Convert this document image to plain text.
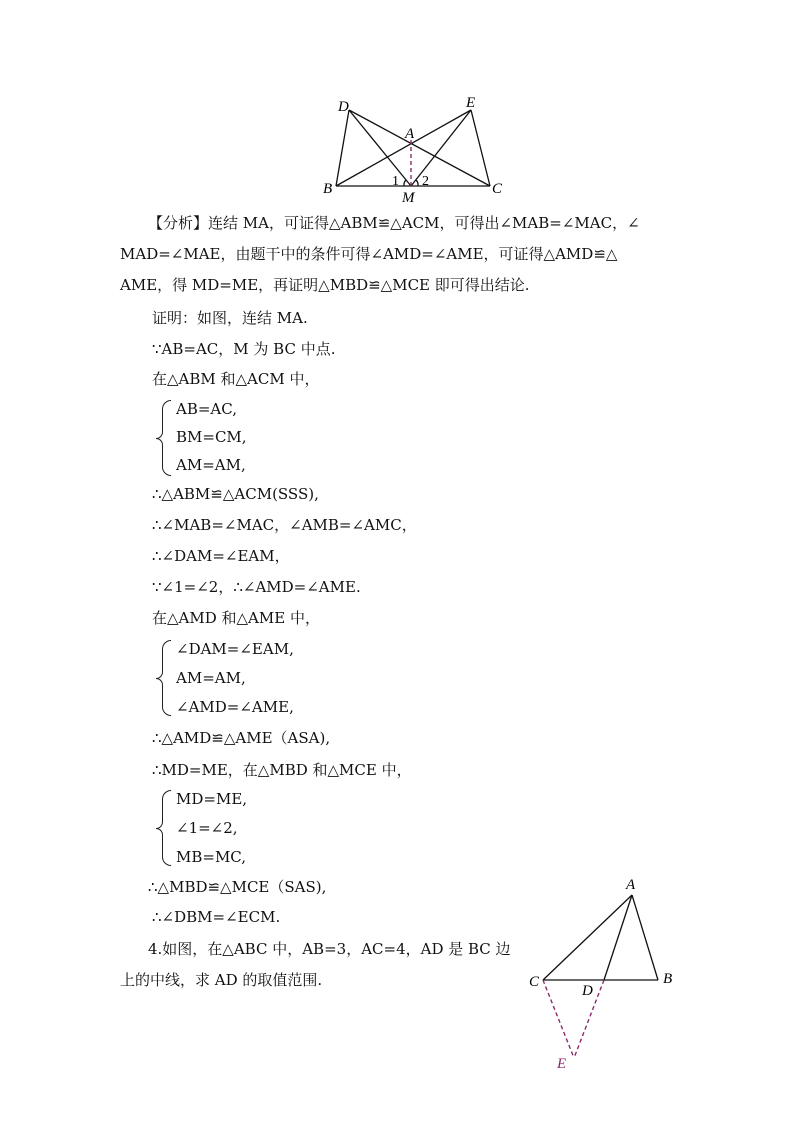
D	E
A
B	C
M
1 2
A
B
C
D
E
【分析】连结 MA，可证得△ABM≌△ACM，可得出∠MAB=∠MAC，∠
MAD=∠MAE，由题干中的条件可得∠AMD=∠AME，可证得△AMD≌△
AME，得 MD=ME，再证明△MBD≌△MCE 即可得出结论.
证明：如图，连结 MA.
∵AB=AC，M 为 BC 中点.
在△ABM 和△ACM 中，
AB=AC,
BM=CM,
AM=AM,
∴△ABM≌△ACM(SSS),
∴∠MAB=∠MAC，∠AMB=∠AMC，
∴∠DAM=∠EAM，
∵∠1=∠2，∴∠AMD=∠AME.
在△AMD 和△AME 中，
∠DAM=∠EAM,
AM=AM,
∠AMD=∠AME,
∴△AMD≌△AME（ASA),
∴MD=ME，在△MBD 和△MCE 中，
MD=ME,
∠1=∠2,
MB=MC,
∴△MBD≌△MCE（SAS),
∴∠DBM=∠ECM.
4.如图，在△ABC 中，AB=3，AC=4，AD 是 BC 边
上的中线，求 AD 的取值范围.
